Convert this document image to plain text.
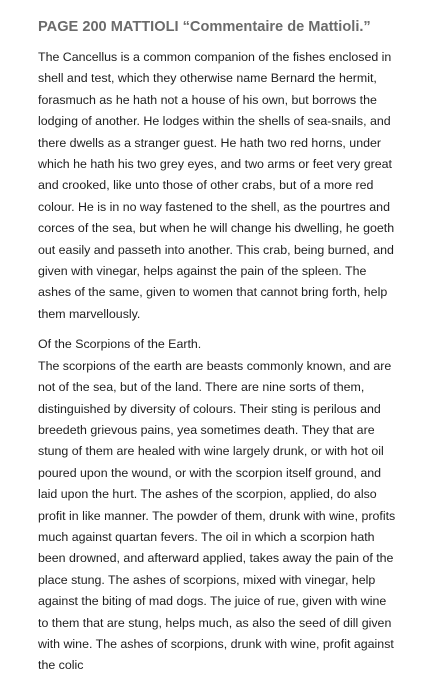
PAGE 200 MATTIOLI “Commentaire de Mattioli.”

The Cancellus is a common companion of the fishes enclosed in shell and test, which they otherwise name Bernard the hermit, forasmuch as he hath not a house of his own, but borrows the lodging of another. He lodges within the shells of sea-snails, and there dwells as a stranger guest. He hath two red horns, under which he hath his two grey eyes, and two arms or feet very great and crooked, like unto those of other crabs, but of a more red colour. He is in no way fastened to the shell, as the pourtres and corces of the sea, but when he will change his dwelling, he goeth out easily and passeth into another. This crab, being burned, and given with vinegar, helps against the pain of the spleen. The ashes of the same, given to women that cannot bring forth, help them marvellously.

Of the Scorpions of the Earth.

The scorpions of the earth are beasts commonly known, and are not of the sea, but of the land. There are nine sorts of them, distinguished by diversity of colours. Their sting is perilous and breedeth grievous pains, yea sometimes death. They that are stung of them are healed with wine largely drunk, or with hot oil poured upon the wound, or with the scorpion itself ground, and laid upon the hurt. The ashes of the scorpion, applied, do also profit in like manner. The powder of them, drunk with wine, profits much against quartan fevers. The oil in which a scorpion hath been drowned, and afterward applied, takes away the pain of the place stung. The ashes of scorpions, mixed with vinegar, help against the biting of mad dogs. The juice of rue, given with wine to them that are stung, helps much, as also the seed of dill given with wine. The ashes of scorpions, drunk with wine, profit against the colic
